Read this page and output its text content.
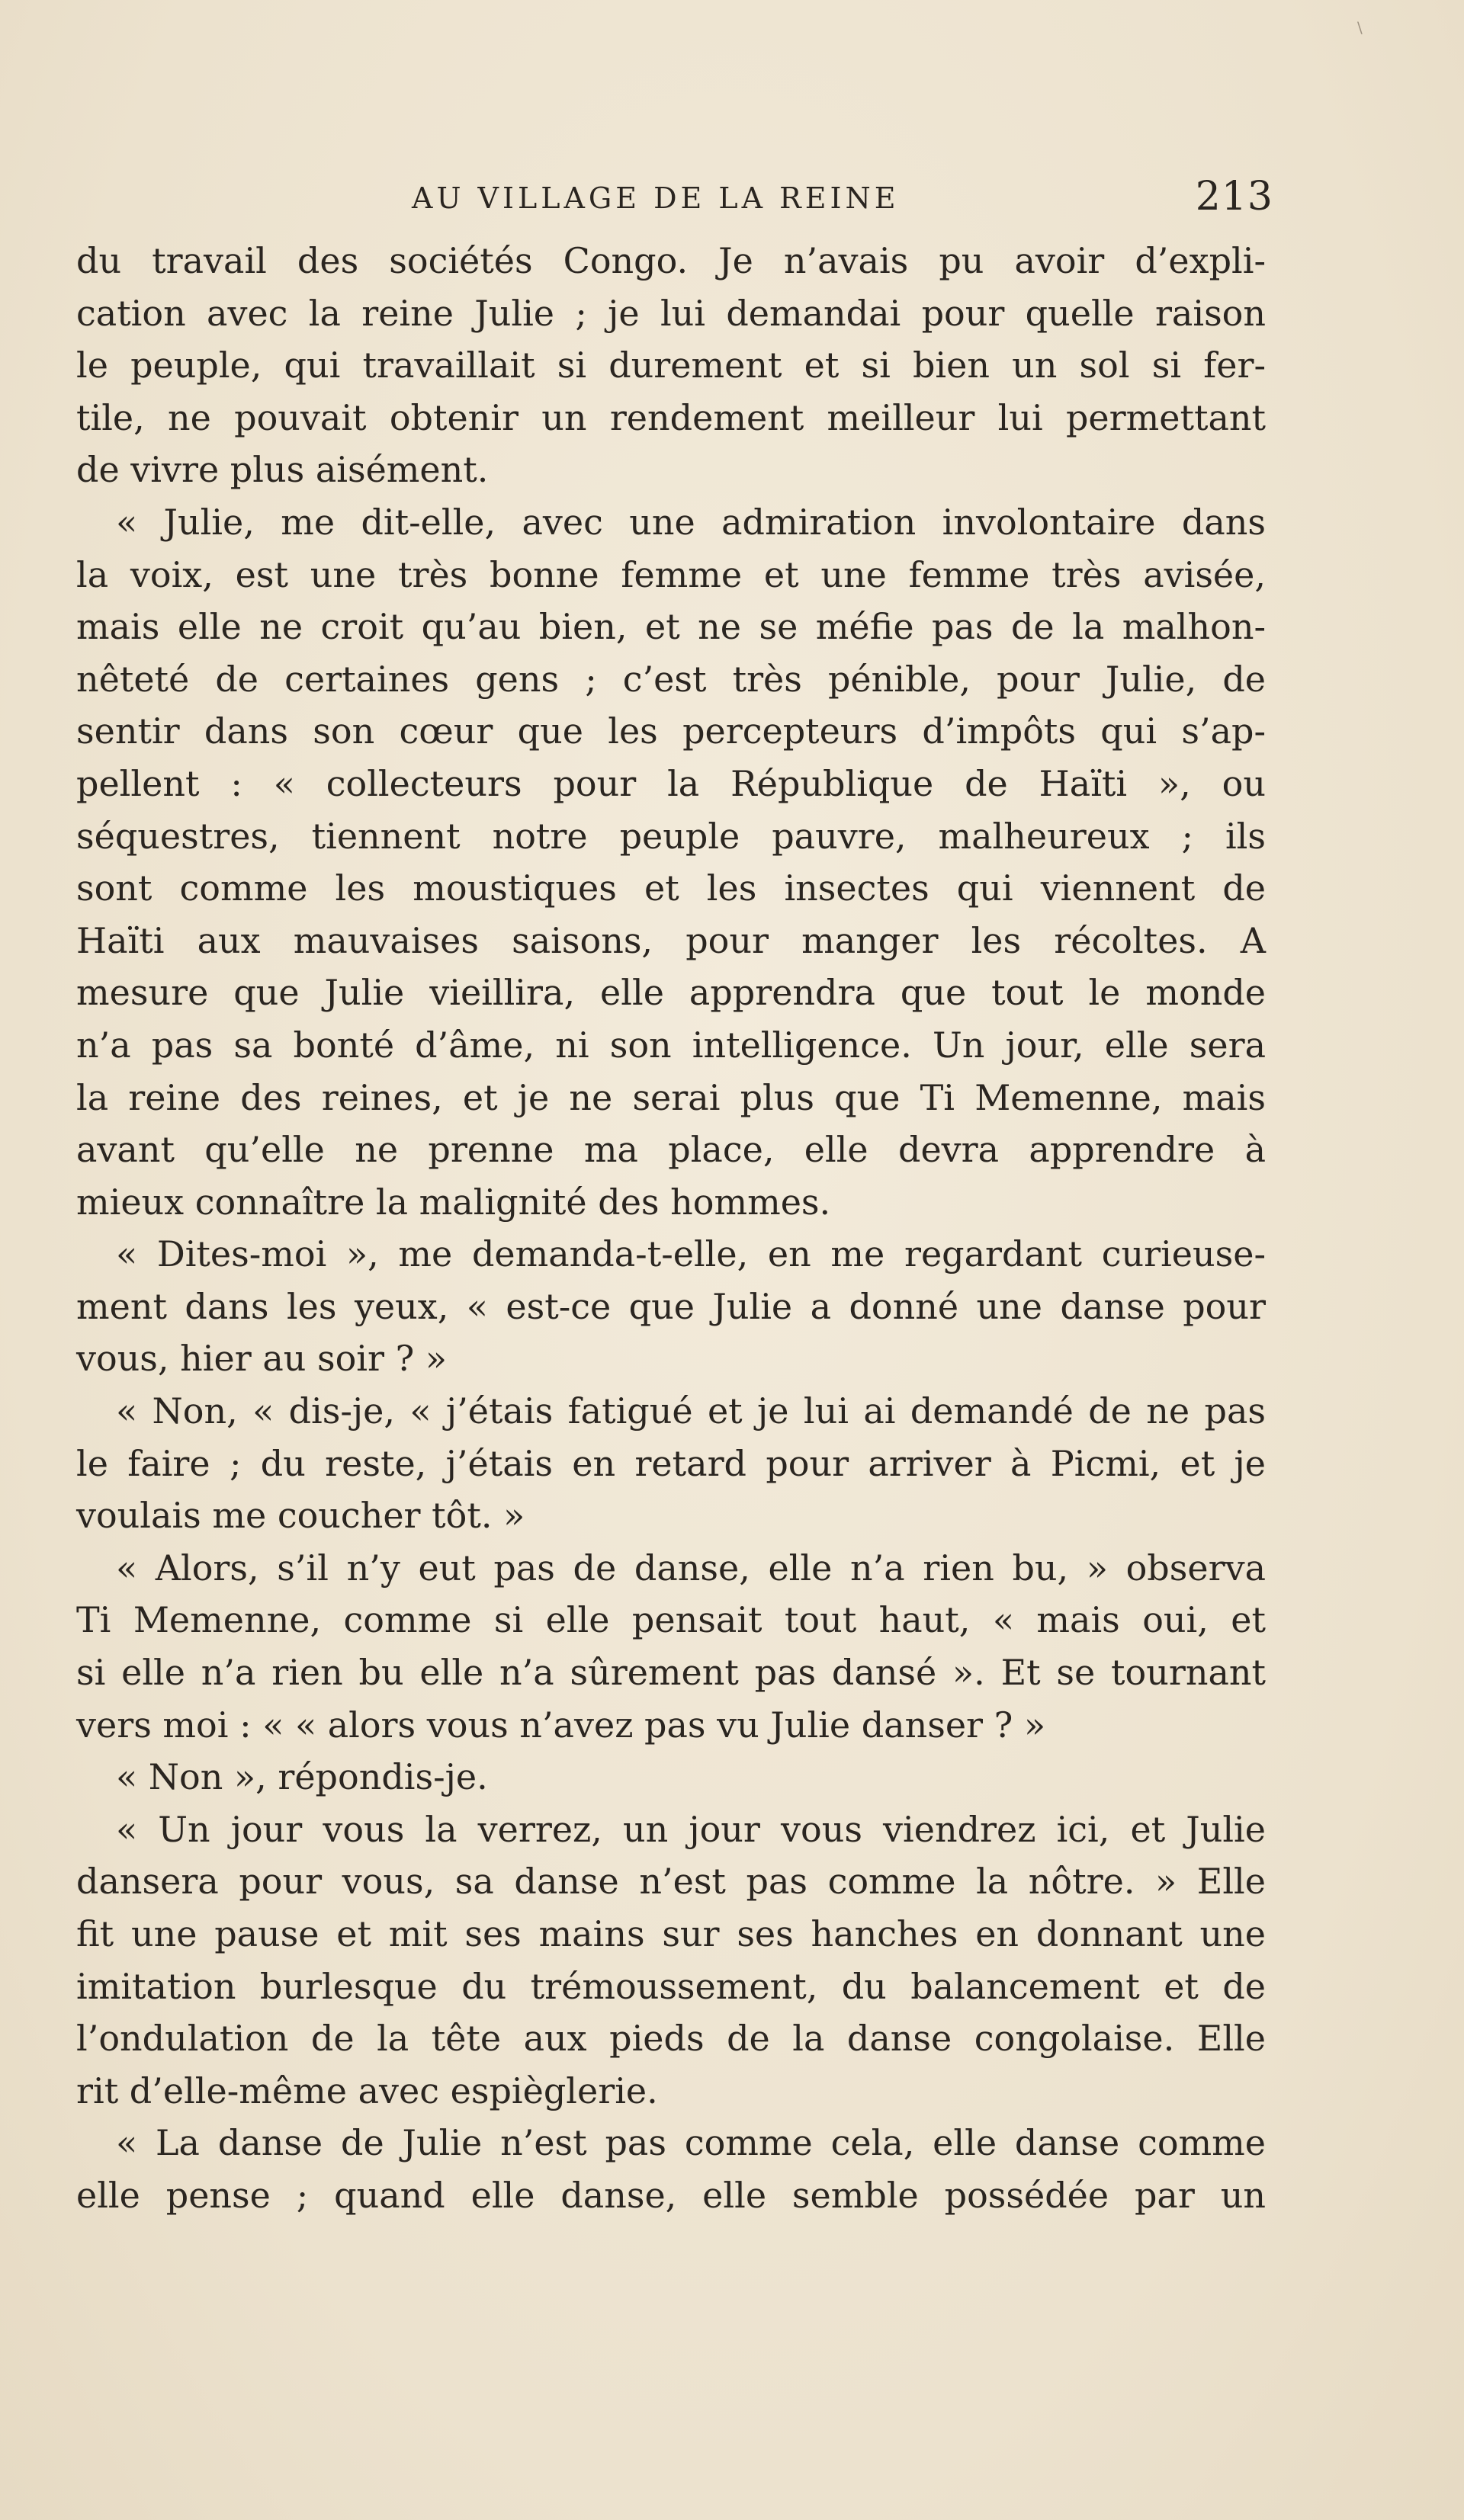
\
AU VILLAGE DE LA REINE	213
du travail des sociétés Congo. Je n’avais pu avoir d’expli-
cation avec la reine Julie ; je lui demandai pour quelle raison
le peuple, qui travaillait si durement et si bien un sol si fer-
tile, ne pouvait obtenir un rendement meilleur lui permettant
de vivre plus aisément.
« Julie, me dit-elle, avec une admiration involontaire dans
la voix, est une très bonne femme et une femme très avisée,
mais elle ne croit qu’au bien, et ne se méfie pas de la malhon-
nêteté de certaines gens ; c’est très pénible, pour Julie, de
sentir dans son cœur que les percepteurs d’impôts qui s’ap-
pellent : « collecteurs pour la République de Haïti », ou
séquestres, tiennent notre peuple pauvre, malheureux ; ils
sont comme les moustiques et les insectes qui viennent de
Haïti aux mauvaises saisons, pour manger les récoltes. A
mesure que Julie vieillira, elle apprendra que tout le monde
n’a pas sa bonté d’âme, ni son intelligence. Un jour, elle sera
la reine des reines, et je ne serai plus que Ti Memenne, mais
avant qu’elle ne prenne ma place, elle devra apprendre à
mieux connaître la malignité des hommes.
« Dites-moi », me demanda-t-elle, en me regardant curieuse-
ment dans les yeux, « est-ce que Julie a donné une danse pour
vous, hier au soir ? »
« Non, « dis-je, « j’étais fatigué et je lui ai demandé de ne pas
le faire ; du reste, j’étais en retard pour arriver à Picmi, et je
voulais me coucher tôt. »
« Alors, s’il n’y eut pas de danse, elle n’a rien bu, » observa
Ti Memenne, comme si elle pensait tout haut, « mais oui, et
si elle n’a rien bu elle n’a sûrement pas dansé ». Et se tournant
vers moi : « « alors vous n’avez pas vu Julie danser ? »
« Non », répondis-je.
« Un jour vous la verrez, un jour vous viendrez ici, et Julie
dansera pour vous, sa danse n’est pas comme la nôtre. » Elle
fit une pause et mit ses mains sur ses hanches en donnant une
imitation burlesque du trémoussement, du balancement et de
l’ondulation de la tête aux pieds de la danse congolaise. Elle
rit d’elle-même avec espièglerie.
« La danse de Julie n’est pas comme cela, elle danse comme
elle pense ; quand elle danse, elle semble possédée par un
